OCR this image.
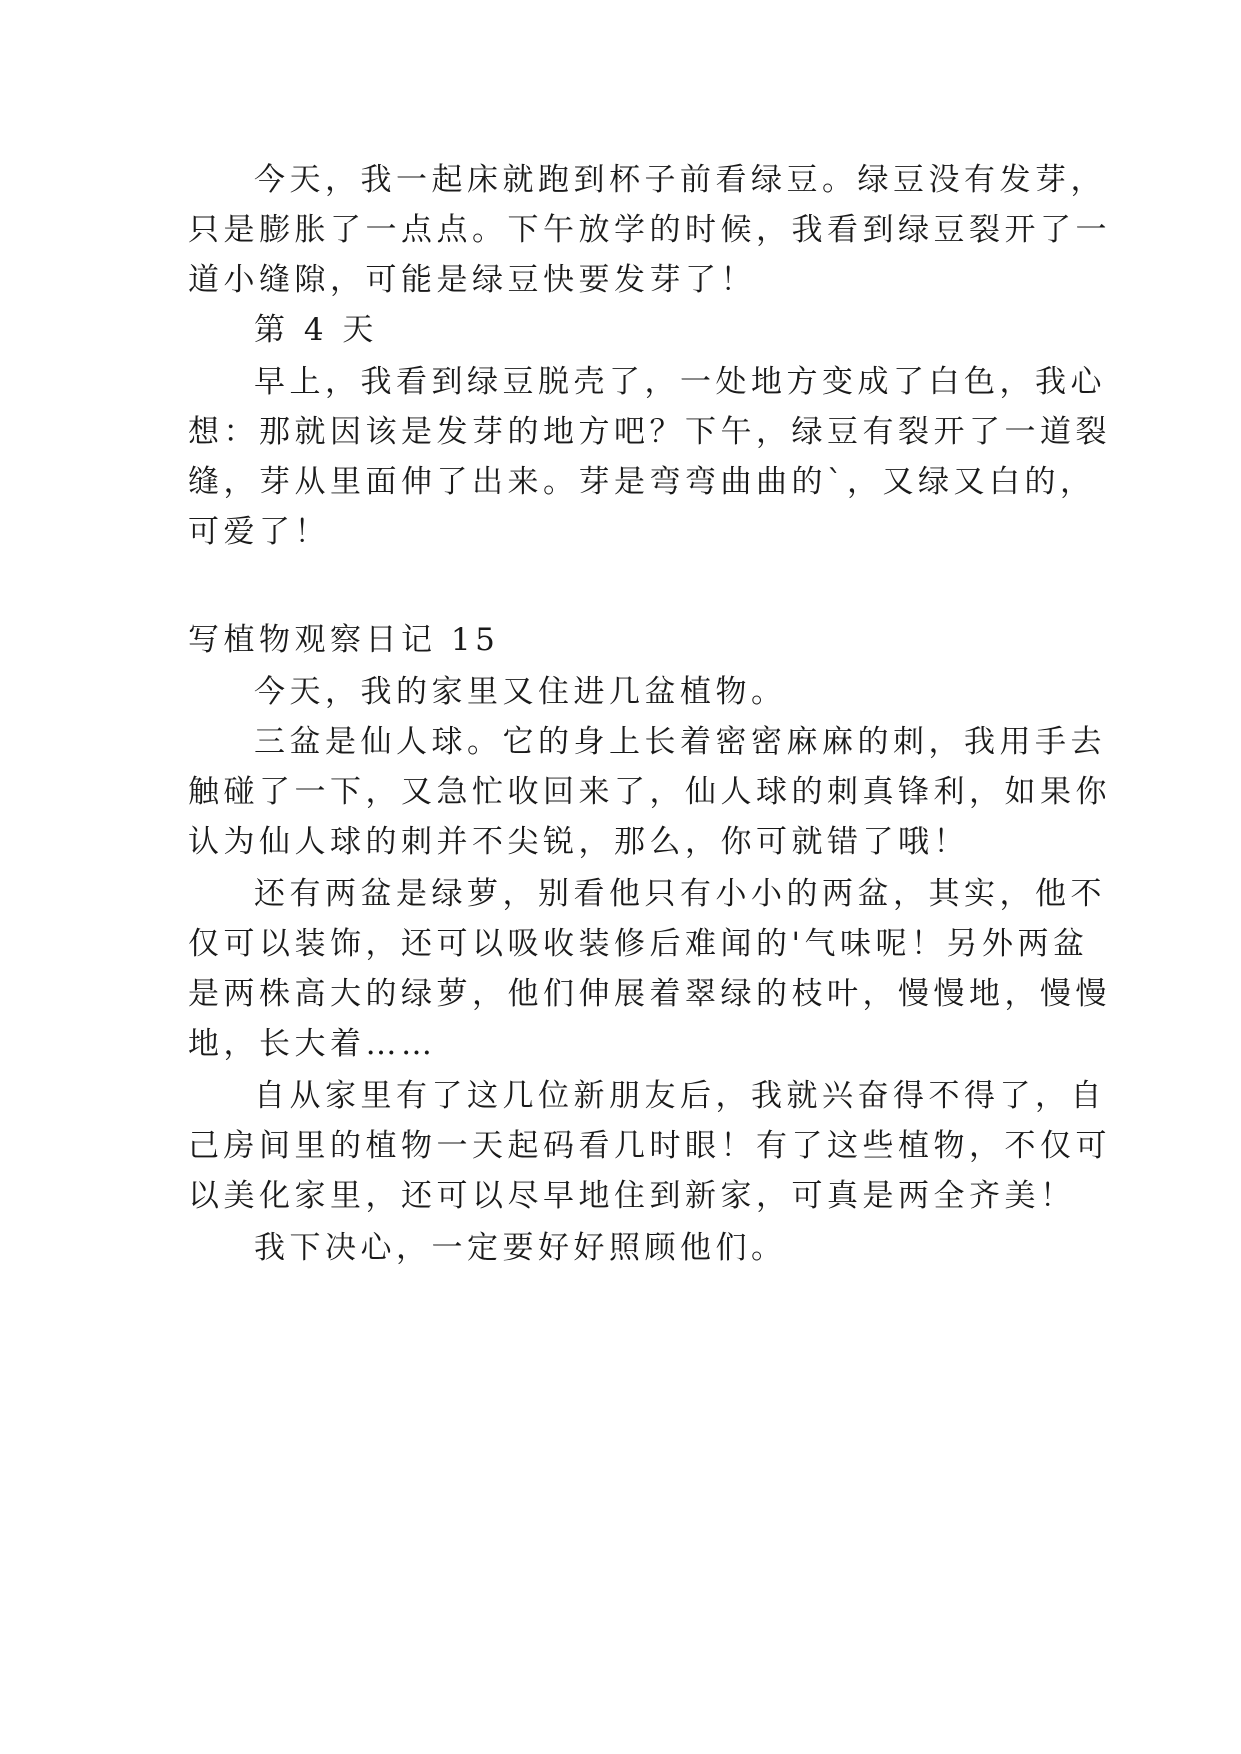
今天，我一起床就跑到杯子前看绿豆。绿豆没有发芽，
只是膨胀了一点点。下午放学的时候，我看到绿豆裂开了一
道小缝隙，可能是绿豆快要发芽了！
第 4 天
早上，我看到绿豆脱壳了，一处地方变成了白色，我心
想：那就因该是发芽的地方吧？下午，绿豆有裂开了一道裂
缝，芽从里面伸了出来。芽是弯弯曲曲的`，又绿又白的，
可爱了！
写植物观察日记 15
今天，我的家里又住进几盆植物。
三盆是仙人球。它的身上长着密密麻麻的刺，我用手去
触碰了一下，又急忙收回来了，仙人球的刺真锋利，如果你
认为仙人球的刺并不尖锐，那么，你可就错了哦！
还有两盆是绿萝，别看他只有小小的两盆，其实，他不
仅可以装饰，还可以吸收装修后难闻的'气味呢！另外两盆
是两株高大的绿萝，他们伸展着翠绿的枝叶，慢慢地，慢慢
地，长大着……
自从家里有了这几位新朋友后，我就兴奋得不得了，自
己房间里的植物一天起码看几时眼！有了这些植物，不仅可
以美化家里，还可以尽早地住到新家，可真是两全齐美！
我下决心，一定要好好照顾他们。
